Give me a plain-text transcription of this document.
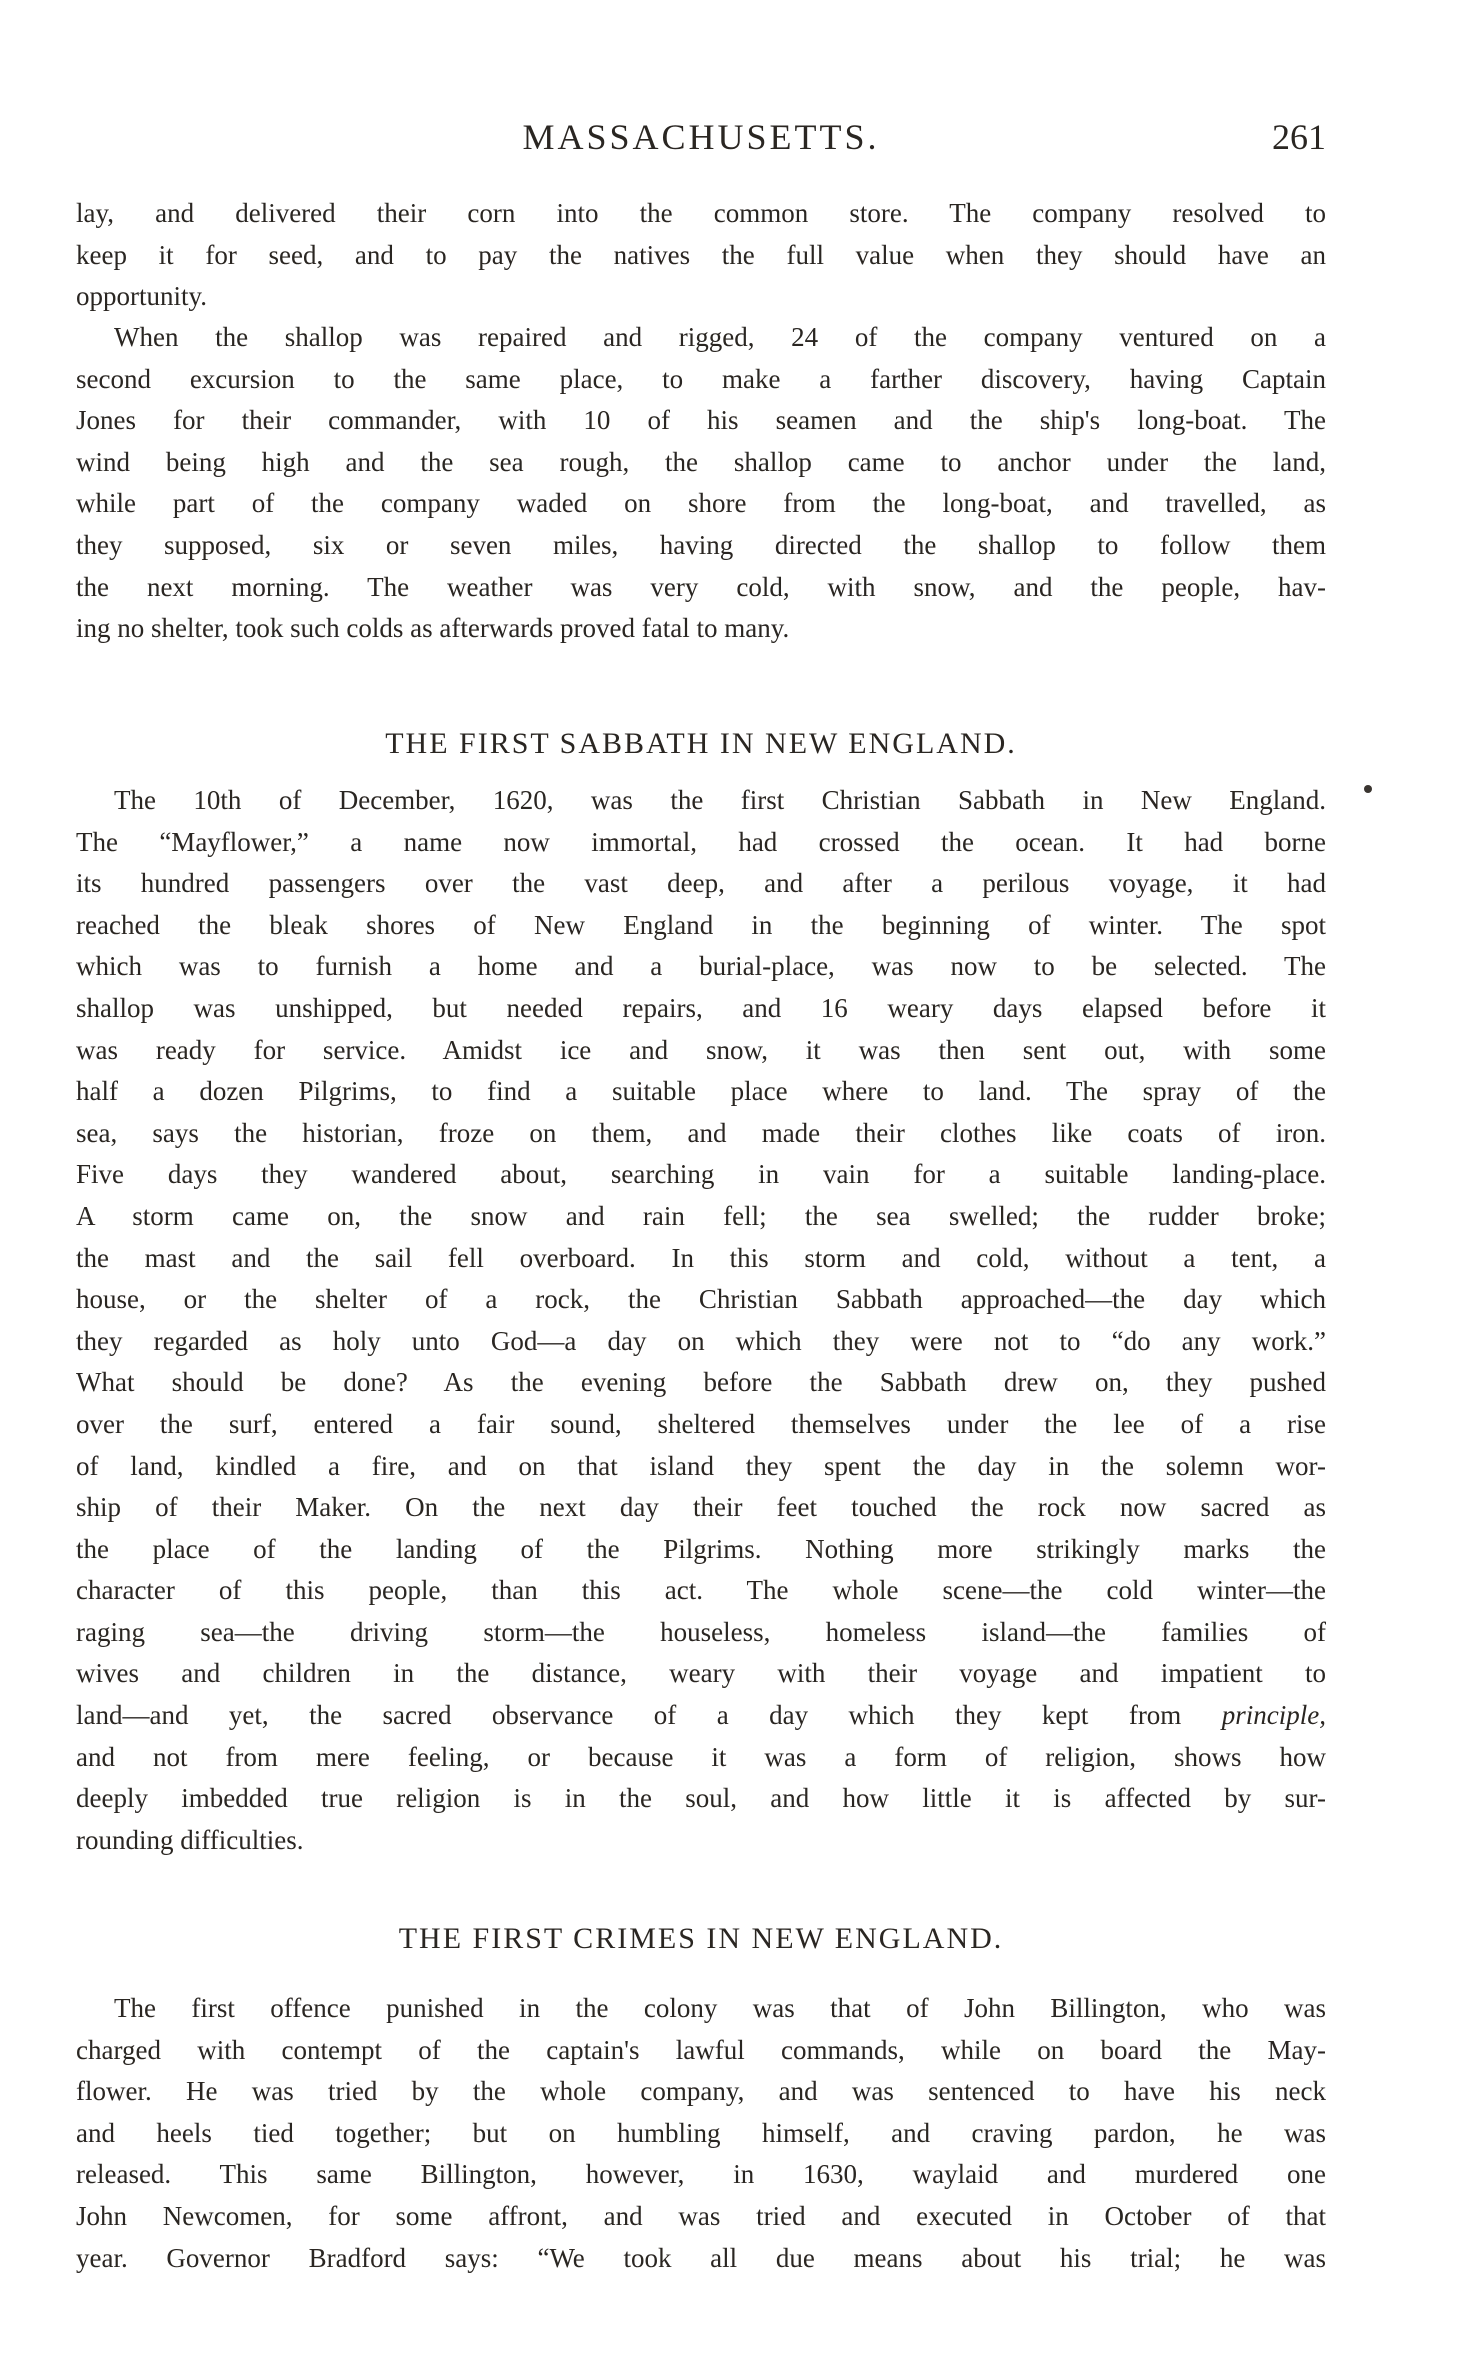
MASSACHUSETTS.	261
lay, and delivered their corn into the common store. The company resolved to
keep it for seed, and to pay the natives the full value when they should have an
opportunity.
When the shallop was repaired and rigged, 24 of the company ventured on a
second excursion to the same place, to make a farther discovery, having Captain
Jones for their commander, with 10 of his seamen and the ship's long-boat. The
wind being high and the sea rough, the shallop came to anchor under the land,
while part of the company waded on shore from the long-boat, and travelled, as
they supposed, six or seven miles, having directed the shallop to follow them
the next morning. The weather was very cold, with snow, and the people, hav-
ing no shelter, took such colds as afterwards proved fatal to many.
THE FIRST SABBATH IN NEW ENGLAND.
The 10th of December, 1620, was the first Christian Sabbath in New England.
The “Mayflower,” a name now immortal, had crossed the ocean. It had borne
its hundred passengers over the vast deep, and after a perilous voyage, it had
reached the bleak shores of New England in the beginning of winter. The spot
which was to furnish a home and a burial-place, was now to be selected. The
shallop was unshipped, but needed repairs, and 16 weary days elapsed before it
was ready for service. Amidst ice and snow, it was then sent out, with some
half a dozen Pilgrims, to find a suitable place where to land. The spray of the
sea, says the historian, froze on them, and made their clothes like coats of iron.
Five days they wandered about, searching in vain for a suitable landing-place.
A storm came on, the snow and rain fell; the sea swelled; the rudder broke;
the mast and the sail fell overboard. In this storm and cold, without a tent, a
house, or the shelter of a rock, the Christian Sabbath approached—the day which
they regarded as holy unto God—a day on which they were not to “do any work.”
What should be done? As the evening before the Sabbath drew on, they pushed
over the surf, entered a fair sound, sheltered themselves under the lee of a rise
of land, kindled a fire, and on that island they spent the day in the solemn wor-
ship of their Maker. On the next day their feet touched the rock now sacred as
the place of the landing of the Pilgrims. Nothing more strikingly marks the
character of this people, than this act. The whole scene—the cold winter—the
raging sea—the driving storm—the houseless, homeless island—the families of
wives and children in the distance, weary with their voyage and impatient to
land—and yet, the sacred observance of a day which they kept from principle,
and not from mere feeling, or because it was a form of religion, shows how
deeply imbedded true religion is in the soul, and how little it is affected by sur-
rounding difficulties.
THE FIRST CRIMES IN NEW ENGLAND.
The first offence punished in the colony was that of John Billington, who was
charged with contempt of the captain's lawful commands, while on board the May-
flower. He was tried by the whole company, and was sentenced to have his neck
and heels tied together; but on humbling himself, and craving pardon, he was
released. This same Billington, however, in 1630, waylaid and murdered one
John Newcomen, for some affront, and was tried and executed in October of that
year. Governor Bradford says: “We took all due means about his trial; he was
